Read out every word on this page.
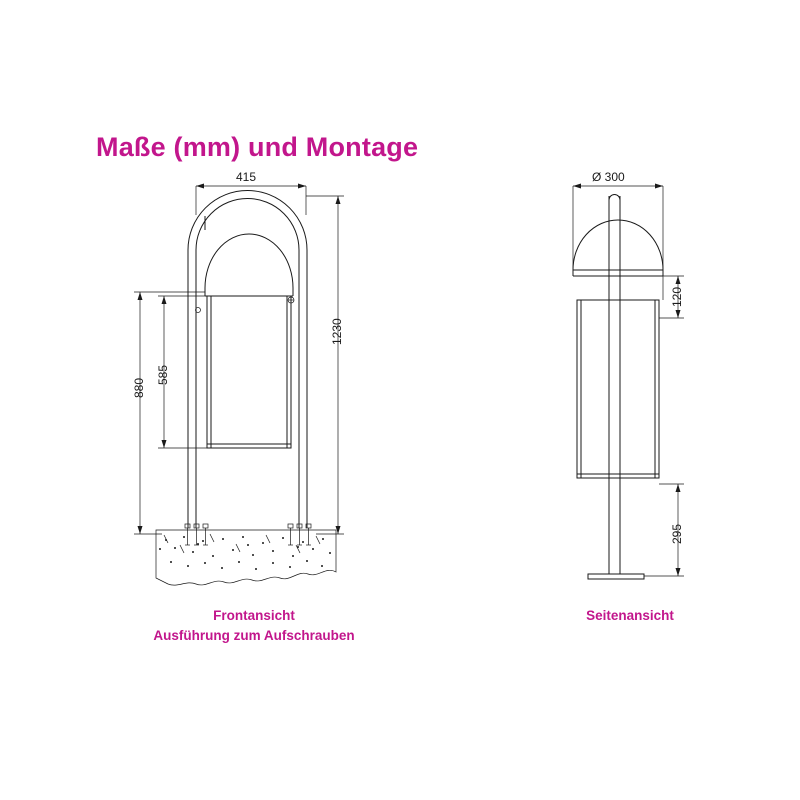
Maße (mm) und Montage
415
1230
880
585
Ø 300
120
295
Frontansicht
Ausführung zum Aufschrauben
Seitenansicht
